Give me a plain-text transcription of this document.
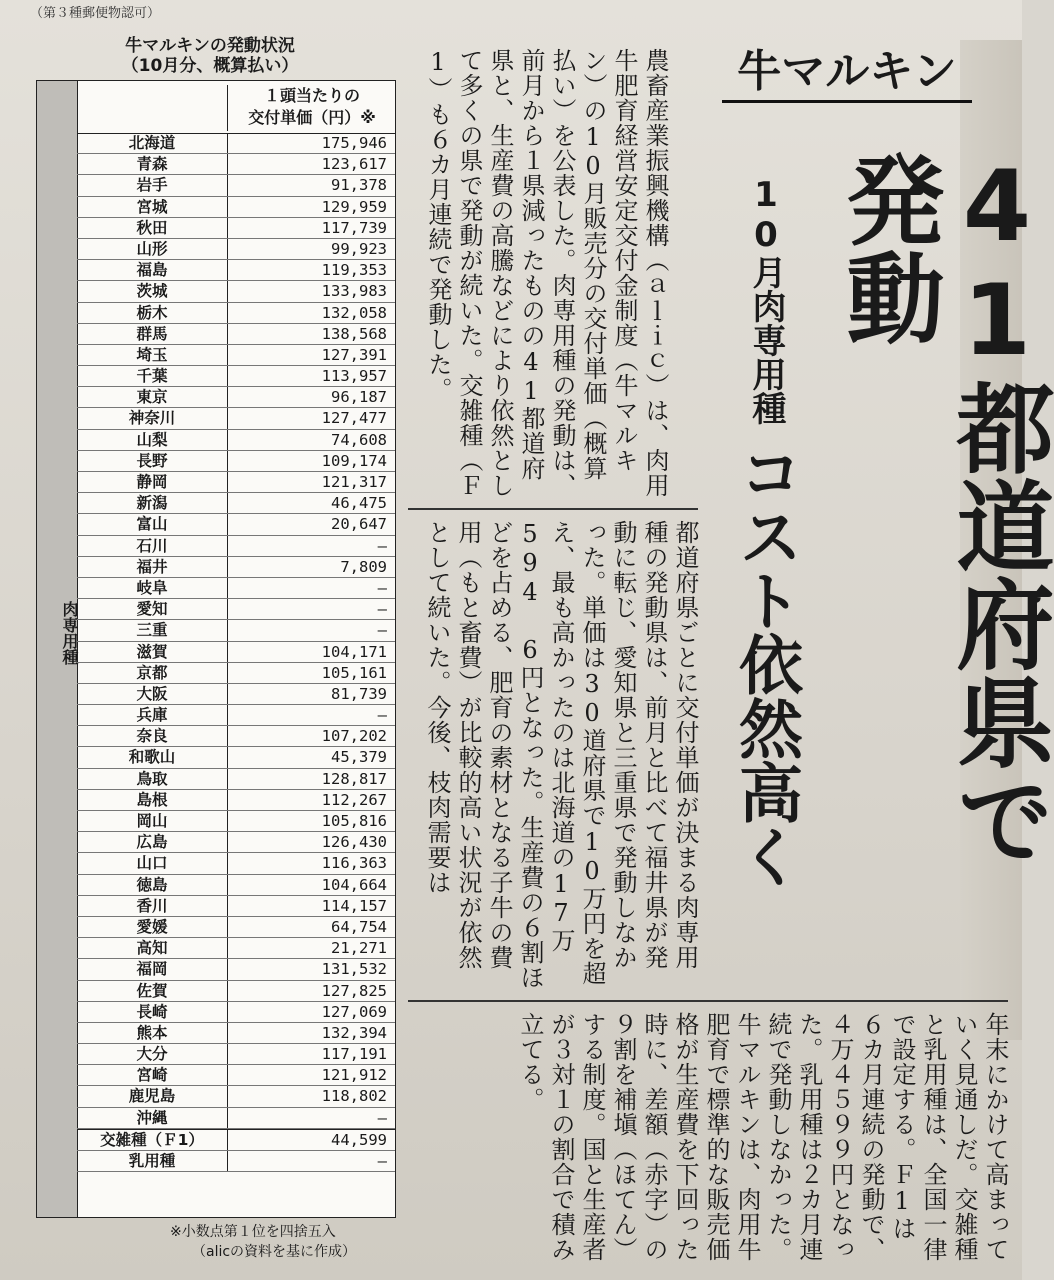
（第３種郵便物認可）
牛マルキンの発動状況
（10月分、概算払い）
肉専用種
１頭当たりの
交付単価（円）※
北海道	175,946
青森	123,617
岩手	91,378
宮城	129,959
秋田	117,739
山形	99,923
福島	119,353
茨城	133,983
栃木	132,058
群馬	138,568
埼玉	127,391
千葉	113,957
東京	96,187
神奈川	127,477
山梨	74,608
長野	109,174
静岡	121,317
新潟	46,475
富山	20,647
石川	—
福井	7,809
岐阜	—
愛知	—
三重	—
滋賀	104,171
京都	105,161
大阪	81,739
兵庫	—
奈良	107,202
和歌山	45,379
鳥取	128,817
島根	112,267
岡山	105,816
広島	126,430
山口	116,363
徳島	104,664
香川	114,157
愛媛	64,754
高知	21,271
福岡	131,532
佐賀	127,825
長崎	127,069
熊本	132,394
大分	117,191
宮崎	121,912
鹿児島	118,802
沖縄	—
交雑種（Ｆ1）	44,599
乳用種	—
※小数点第１位を四捨五入
（alicの資料を基に作成）
牛マルキン
41都道府県で発動
10月肉専用種
コスト依然高く
農畜産業振興機構（ａｌｉｃ）は、肉用牛肥育経営安定交付金制度（牛マルキン）の10月販売分の交付単価（概算払い）を公表した。肉専用種の発動は、前月から１県減ったものの41都道府県と、生産費の高騰などにより依然として多くの県で発動が続いた。交雑種（Ｆ1）も６カ月連続で発動した。
都道府県ごとに交付単価が決まる肉専用種の発動県は、前月と比べて福井県が発動に転じ、愛知県と三重県で発動しなかった。単価は30道府県で10万円を超え、最も高かったのは北海道の17万594 6円となった。生産費の６割ほどを占める、肥育の素材となる子牛の費用（もと畜費）が比較的高い状況が依然として続いた。今後、枝肉需要は
年末にかけて高まっていく見通しだ。交雑種と乳用種は、全国一律で設定する。Ｆ1は６カ月連続の発動で、４万４５９９円となった。乳用種は２カ月連続で発動しなかった。牛マルキンは、肉用牛肥育で標準的な販売価格が生産費を下回った時に、差額（赤字）の９割を補塡（ほてん）する制度。国と生産者が３対１の割合で積み立てる。
